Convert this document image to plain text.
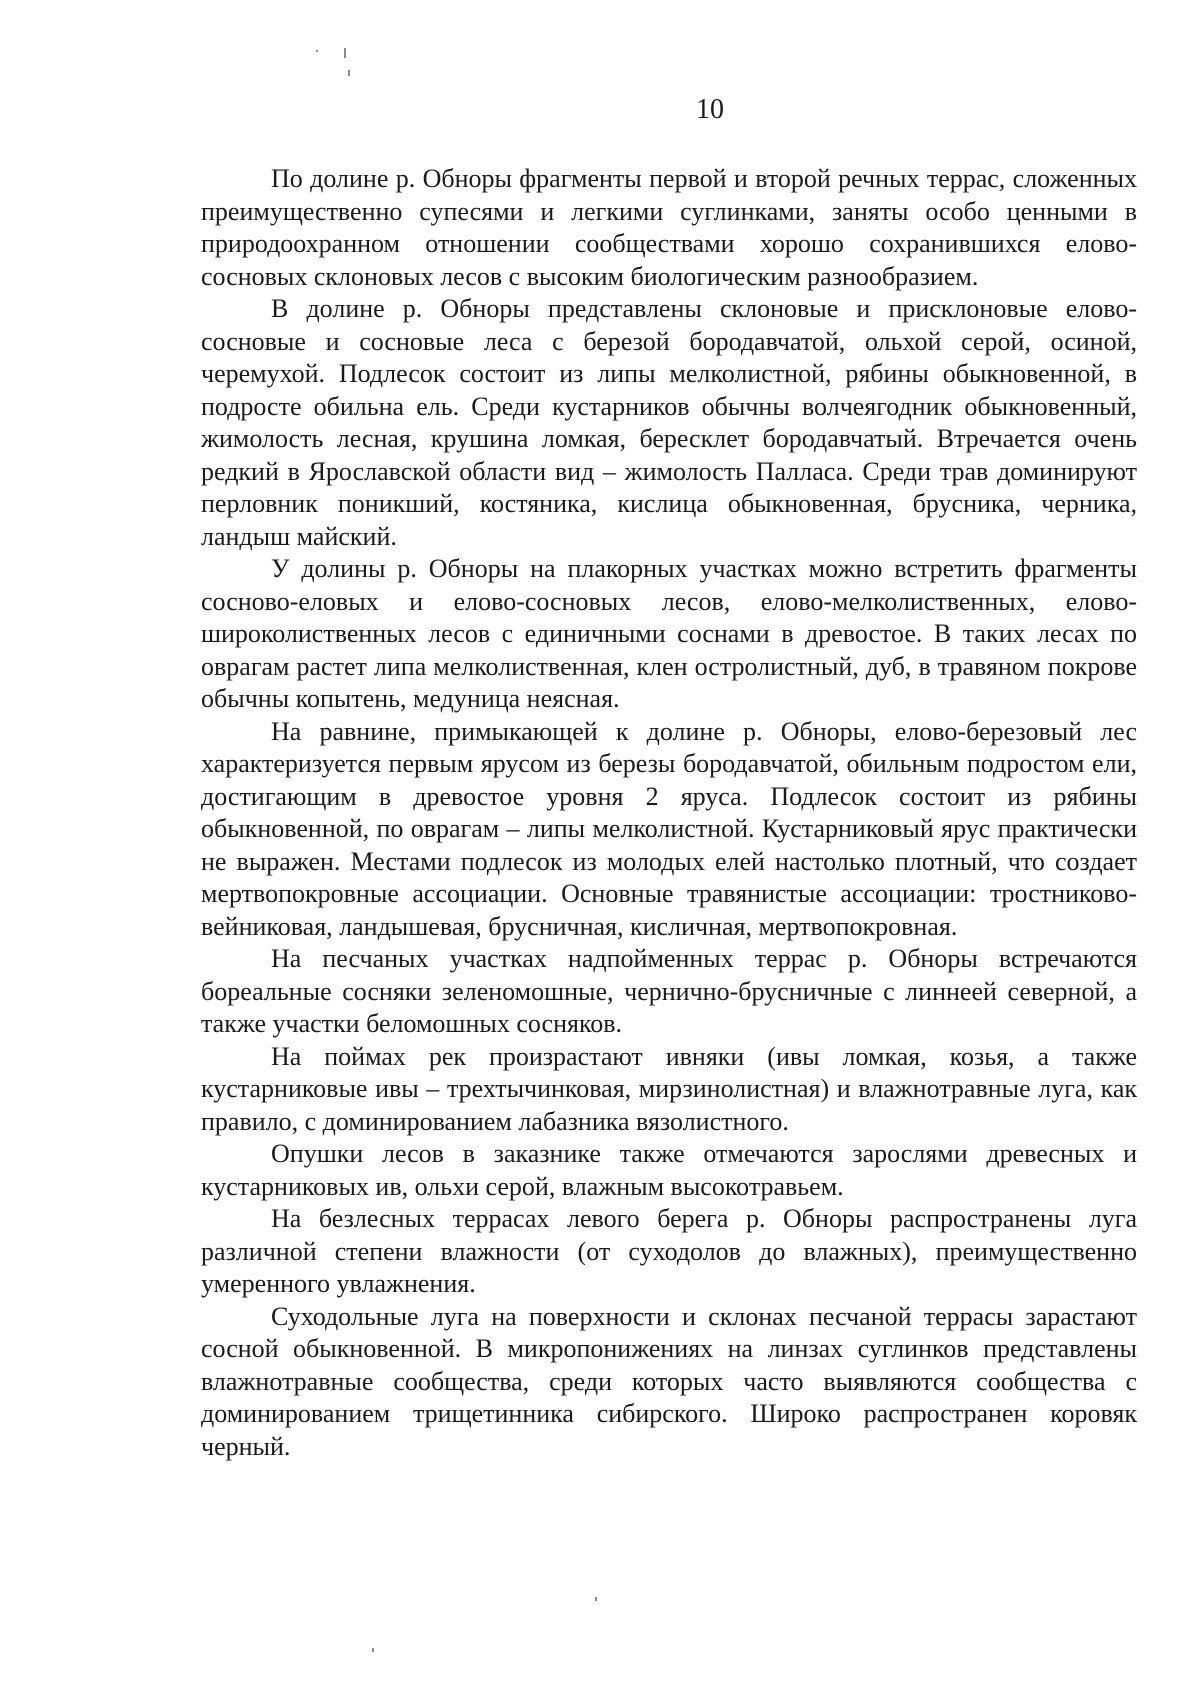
10

По долине р. Обноры фрагменты первой и второй речных террас, сложенных преимущественно супесями и легкими суглинками, заняты особо ценными в природоохранном отношении сообществами хорошо сохранившихся елово-сосновых склоновых лесов с высоким биологическим разнообразием.

В долине р. Обноры представлены склоновые и присклоновые елово-сосновые и сосновые леса с березой бородавчатой, ольхой серой, осиной, черемухой. Подлесок состоит из липы мелколистной, рябины обыкновенной, в подросте обильна ель. Среди кустарников обычны волчеягодник обыкновенный, жимолость лесная, крушина ломкая, бересклет бородавчатый. Втречается очень редкий в Ярославской области вид – жимолость Палласа. Среди трав доминируют перловник поникший, костяника, кислица обыкновенная, брусника, черника, ландыш майский.

У долины р. Обноры на плакорных участках можно встретить фрагменты сосново-еловых и елово-сосновых лесов, елово-мелколиственных, елово-широколиственных лесов с единичными соснами в древостое. В таких лесах по оврагам растет липа мелколиственная, клен остролистный, дуб, в травяном покрове обычны копытень, медуница неясная.

На равнине, примыкающей к долине р. Обноры, елово-березовый лес характеризуется первым ярусом из березы бородавчатой, обильным подростом ели, достигающим в древостое уровня 2 яруса. Подлесок состоит из рябины обыкновенной, по оврагам – липы мелколистной. Кустарниковый ярус практически не выражен. Местами подлесок из молодых елей настолько плотный, что создает мертвопокровные ассоциации. Основные травянистые ассоциации: тростниково-вейниковая, ландышевая, брусничная, кисличная, мертвопокровная.

На песчаных участках надпойменных террас р. Обноры встречаются бореальные сосняки зеленомошные, чернично-брусничные с линнеей северной, а также участки беломошных сосняков.

На поймах рек произрастают ивняки (ивы ломкая, козья, а также кустарниковые ивы – трехтычинковая, мирзинолистная) и влажнотравные луга, как правило, с доминированием лабазника вязолистного.

Опушки лесов в заказнике также отмечаются зарослями древесных и кустарниковых ив, ольхи серой, влажным высокотравьем.

На безлесных террасах левого берега р. Обноры распространены луга различной степени влажности (от суходолов до влажных), преимущественно умеренного увлажнения.

Суходольные луга на поверхности и склонах песчаной террасы зарастают сосной обыкновенной. В микропонижениях на линзах суглинков представлены влажнотравные сообщества, среди которых часто выявляются сообщества с доминированием трищетинника сибирского. Широко распространен коровяк черный.
